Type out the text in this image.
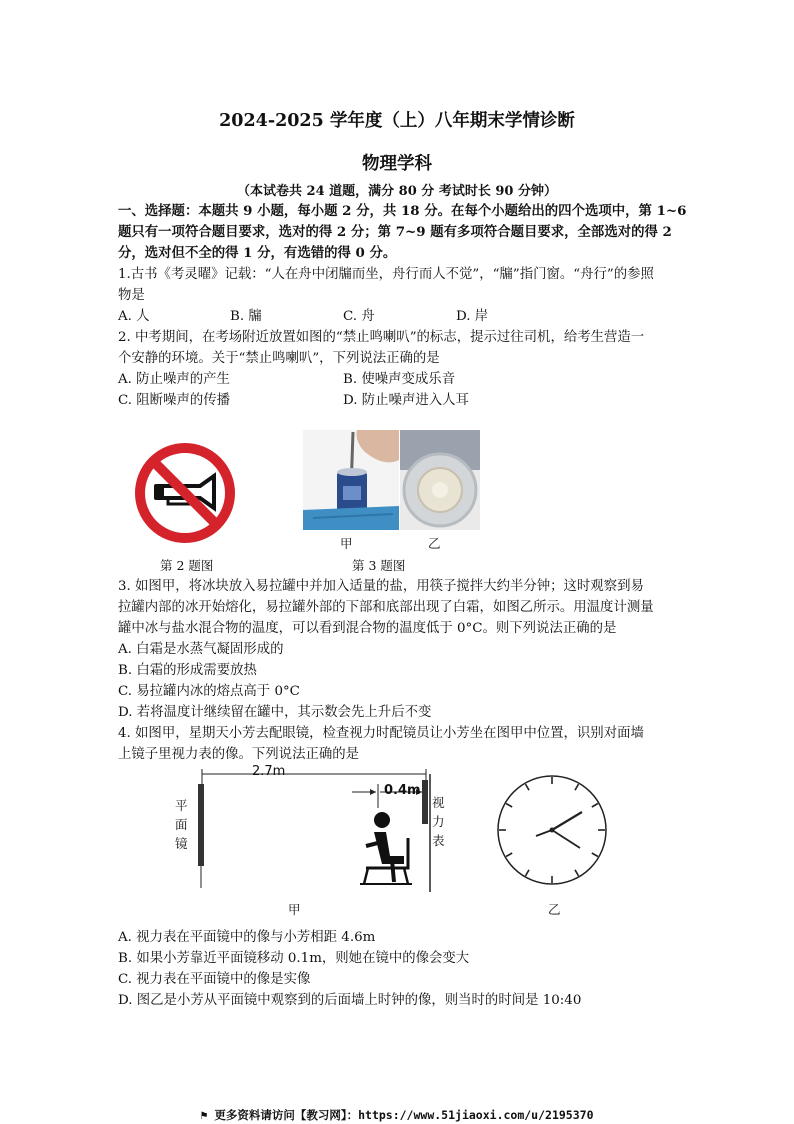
2024-2025 学年度（上）八年期末学情诊断
物理学科
（本试卷共 24 道题，满分 80 分 考试时长 90 分钟）
一、选择题：本题共 9 小题，每小题 2 分，共 18 分。在每个小题给出的四个选项中，第 1~6
题只有一项符合题目要求，选对的得 2 分；第 7~9 题有多项符合题目要求，全部选对的得 2
分，选对但不全的得 1 分，有选错的得 0 分。
1.古书《考灵曜》记载：“人在舟中闭牖而坐，舟行而人不觉”，“牖”指门窗。“舟行”的参照
物是
A. 人	B. 牖	C. 舟	D. 岸
2. 中考期间，在考场附近放置如图的“禁止鸣喇叭”的标志，提示过往司机，给考生营造一
个安静的环境。关于“禁止鸣喇叭”，下列说法正确的是
A. 防止噪声的产生	B. 使噪声变成乐音
C. 阻断噪声的传播	D. 防止噪声进入人耳
第 2 题图
甲	乙
第 3 题图
3. 如图甲，将冰块放入易拉罐中并加入适量的盐，用筷子搅拌大约半分钟；这时观察到易
拉罐内部的冰开始熔化，易拉罐外部的下部和底部出现了白霜，如图乙所示。用温度计测量
罐中冰与盐水混合物的温度，可以看到混合物的温度低于 0°C。则下列说法正确的是
A. 白霜是水蒸气凝固形成的
B. 白霜的形成需要放热
C. 易拉罐内冰的熔点高于 0°C
D. 若将温度计继续留在罐中，其示数会先上升后不变
4. 如图甲，星期天小芳去配眼镜，检查视力时配镜员让小芳坐在图甲中位置，识别对面墙
上镜子里视力表的像。下列说法正确的是
2.7m
0.4m
平面镜
视力表
甲	乙
A. 视力表在平面镜中的像与小芳相距 4.6m
B. 如果小芳靠近平面镜移动 0.1m，则她在镜中的像会变大
C. 视力表在平面镜中的像是实像
D. 图乙是小芳从平面镜中观察到的后面墙上时钟的像，则当时的时间是 10:40
⚑ 更多资料请访问【教习网】：https://www.51jiaoxi.com/u/2195370
